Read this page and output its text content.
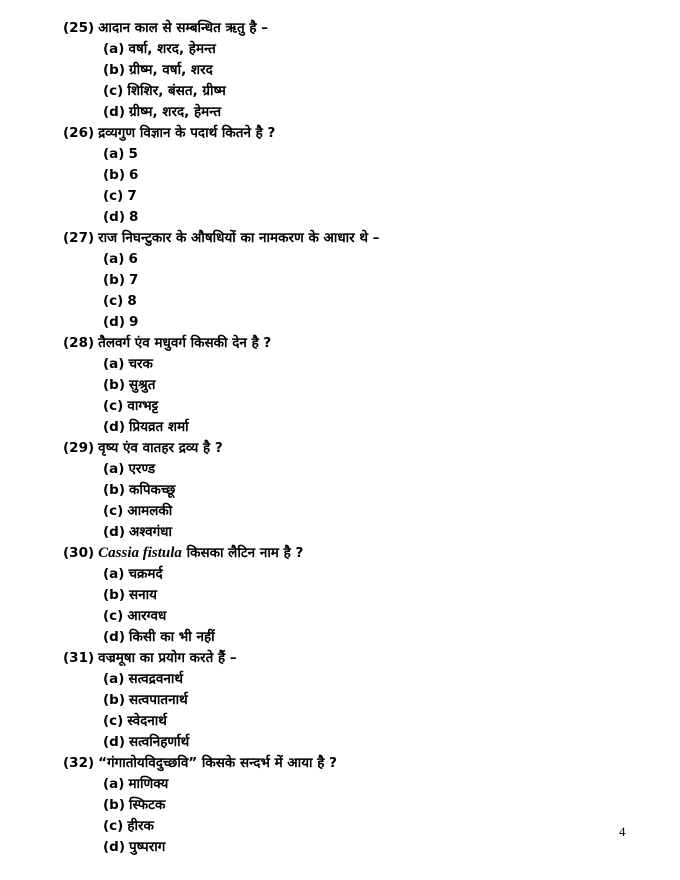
(25) आदान काल से सम्बन्धित ऋतु है –
(a) वर्षा, शरद, हेमन्त
(b) ग्रीष्म, वर्षा, शरद
(c) शिशिर, बंसत, ग्रीष्म
(d) ग्रीष्म, शरद, हेमन्त
(26) द्रव्यगुण विज्ञान के पदार्थ कितने है ?
(a) 5
(b) 6
(c) 7
(d) 8
(27) राज निघन्टुकार के औषधियों का नामकरण के आधार थे –
(a) 6
(b) 7
(c) 8
(d) 9
(28) तैलवर्ग एंव मधुवर्ग किसकी देन है ?
(a) चरक
(b) सुश्रुत
(c) वाग्भट्ट
(d) प्रियव्रत शर्मा
(29) वृष्य एंव वातहर द्रव्य है ?
(a) एरण्ड
(b) कपिकच्छू
(c) आमलकी
(d) अश्वगंधा
(30) Cassia fistula किसका लैटिन नाम है ?
(a) चक्रमर्द
(b) सनाय
(c) आरग्वध
(d) किसी का भी नहीं
(31) वज्रमूषा का प्रयोग करते हैं –
(a) सत्वद्रवनार्थ
(b) सत्वपातनार्थ
(c) स्वेदनार्थ
(d) सत्वनिहर्णार्थ
(32) “गंगातोयविदुच्छवि” किसके सन्दर्भ में आया है ?
(a) माणिक्य
(b) स्फिटक
(c) हीरक
(d) पुष्पराग
4
